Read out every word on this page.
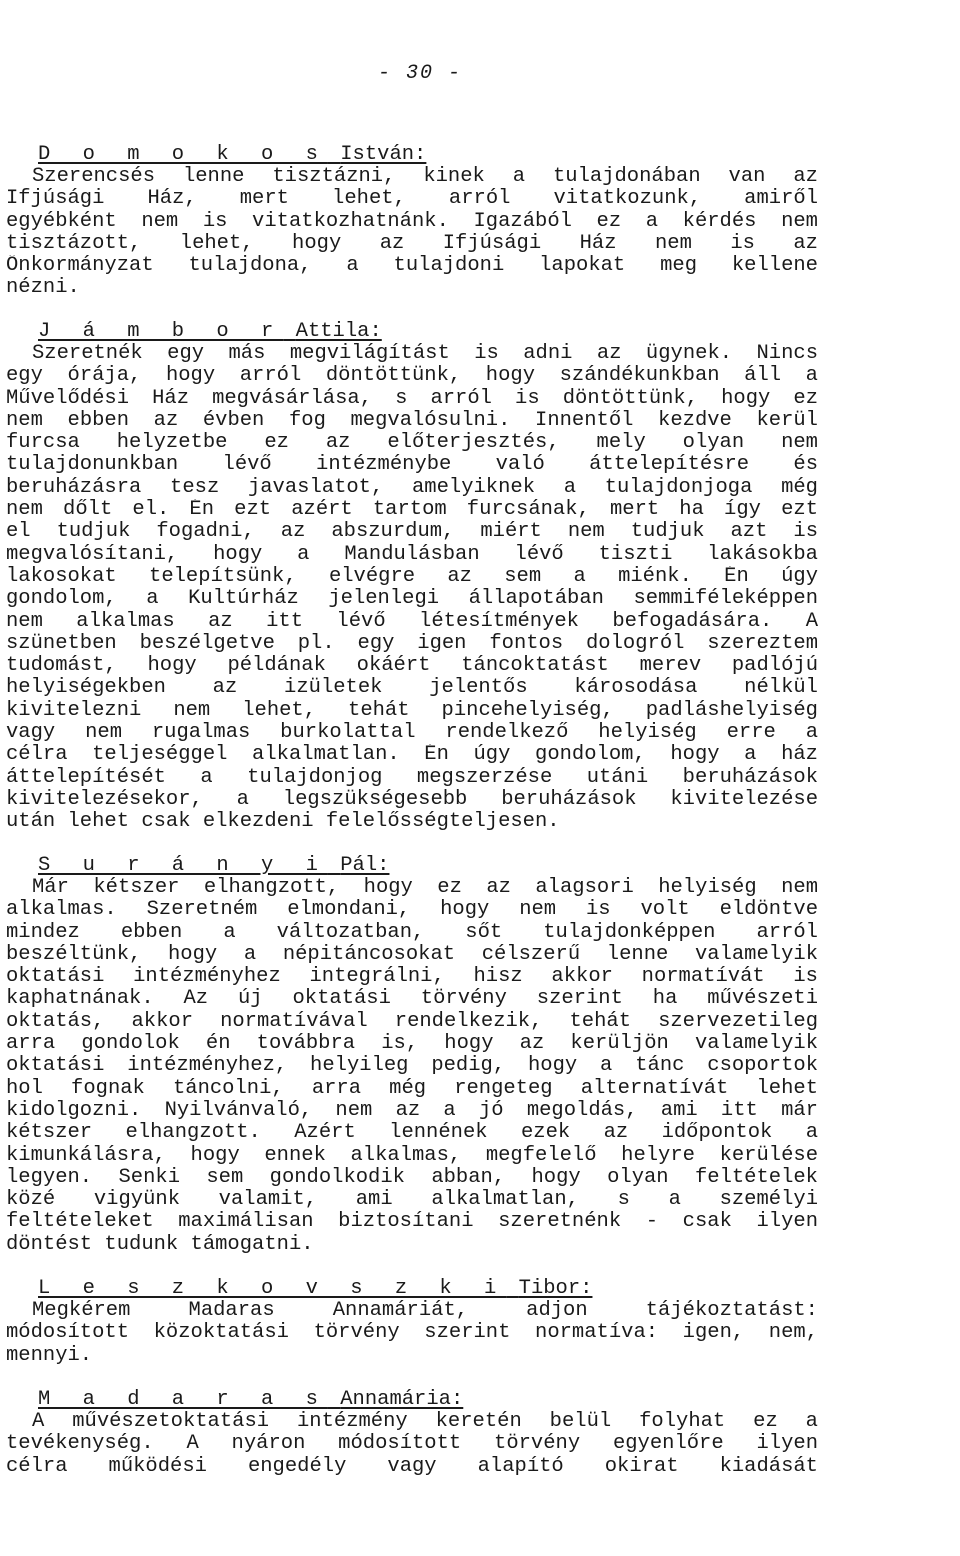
- 30 -
D o m o k o s István:
Szerencsés lenne tisztázni, kinek a tulajdonában van az
Ifjúsági Ház, mert lehet, arról vitatkozunk, amiről
egyébként nem is vitatkozhatnánk. Igazából ez a kérdés nem
tisztázott, lehet, hogy az Ifjúsági Ház nem is az
Önkormányzat tulajdona, a tulajdoni lapokat meg kellene
nézni.
J á m b o r Attila:
Szeretnék egy más megvilágítást is adni az ügynek. Nincs
egy órája, hogy arról döntöttünk, hogy szándékunkban áll a
Művelődési Ház megvásárlása, s arról is döntöttünk, hogy ez
nem ebben az évben fog megvalósulni. Innentől kezdve kerül
furcsa helyzetbe ez az előterjesztés, mely olyan nem
tulajdonunkban lévő intézménybe való áttelepítésre és
beruházásra tesz javaslatot, amelyiknek a tulajdonjoga még
nem dőlt el. Én ezt azért tartom furcsának, mert ha így ezt
el tudjuk fogadni, az abszurdum, miért nem tudjuk azt is
megvalósítani, hogy a Mandulásban lévő tiszti lakásokba
lakosokat telepítsünk, elvégre az sem a miénk. Én úgy
gondolom, a Kultúrház jelenlegi állapotában semmiféleképpen
nem alkalmas az itt lévő létesítmények befogadására. A
szünetben beszélgetve pl. egy igen fontos dologról szereztem
tudomást, hogy példának okáért táncoktatást merev padlójú
helyiségekben az izületek jelentős károsodása nélkül
kivitelezni nem lehet, tehát pincehelyiség, padláshelyiség
vagy nem rugalmas burkolattal rendelkező helyiség erre a
célra teljeséggel alkalmatlan. Én úgy gondolom, hogy a ház
áttelepítését a tulajdonjog megszerzése utáni beruházások
kivitelezésekor, a legszükségesebb beruházások kivitelezése
után lehet csak elkezdeni felelősségteljesen.
S u r á n y i Pál:
Már kétszer elhangzott, hogy ez az alagsori helyiség nem
alkalmas. Szeretném elmondani, hogy nem is volt eldöntve
mindez ebben a változatban, sőt tulajdonképpen arról
beszéltünk, hogy a népitáncosokat célszerű lenne valamelyik
oktatási intézményhez integrálni, hisz akkor normatívát is
kaphatnának. Az új oktatási törvény szerint ha művészeti
oktatás, akkor normatívával rendelkezik, tehát szervezetileg
arra gondolok én továbbra is, hogy az kerüljön valamelyik
oktatási intézményhez, helyileg pedig, hogy a tánc csoportok
hol fognak táncolni, arra még rengeteg alternatívát lehet
kidolgozni. Nyilvánvaló, nem az a jó megoldás, ami itt már
kétszer elhangzott. Azért lennének ezek az időpontok a
kimunkálásra, hogy ennek alkalmas, megfelelő helyre kerülése
legyen. Senki sem gondolkodik abban, hogy olyan feltételek
közé vigyünk valamit, ami alkalmatlan, s a személyi
feltételeket maximálisan biztosítani szeretnénk - csak ilyen
döntést tudunk támogatni.
L e s z k o v s z k i Tibor:
Megkérem Madaras Annamáriát, adjon tájékoztatást:
módosított közoktatási törvény szerint normatíva: igen, nem,
mennyi.
M a d a r a s Annamária:
A művészetoktatási intézmény keretén belül folyhat ez a
tevékenység. A nyáron módosított törvény egyenlőre ilyen
célra működési engedély vagy alapító okirat kiadását
